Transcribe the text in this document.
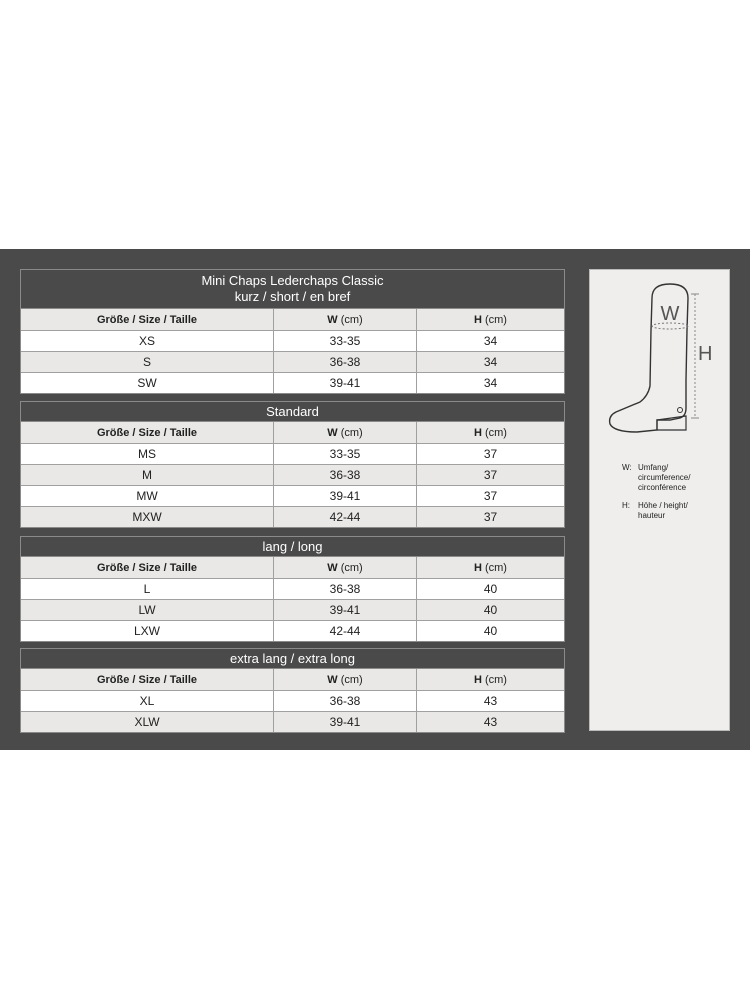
Mini Chaps Lederchaps Classic
kurz / short / en bref
Größe / Size / Taille	W (cm)	H (cm)
XS	33-35	34
S	36-38	34
SW	39-41	34
Standard
Größe / Size / Taille	W (cm)	H (cm)
MS	33-35	37
M	36-38	37
MW	39-41	37
MXW	42-44	37
lang / long
Größe / Size / Taille	W (cm)	H (cm)
L	36-38	40
LW	39-41	40
LXW	42-44	40
extra lang / extra long
Größe / Size / Taille	W (cm)	H (cm)
XL	36-38	43
XLW	39-41	43
W
H
W: Umfang/
circumference/
circonférence
H:	Höhe / height/
hauteur
